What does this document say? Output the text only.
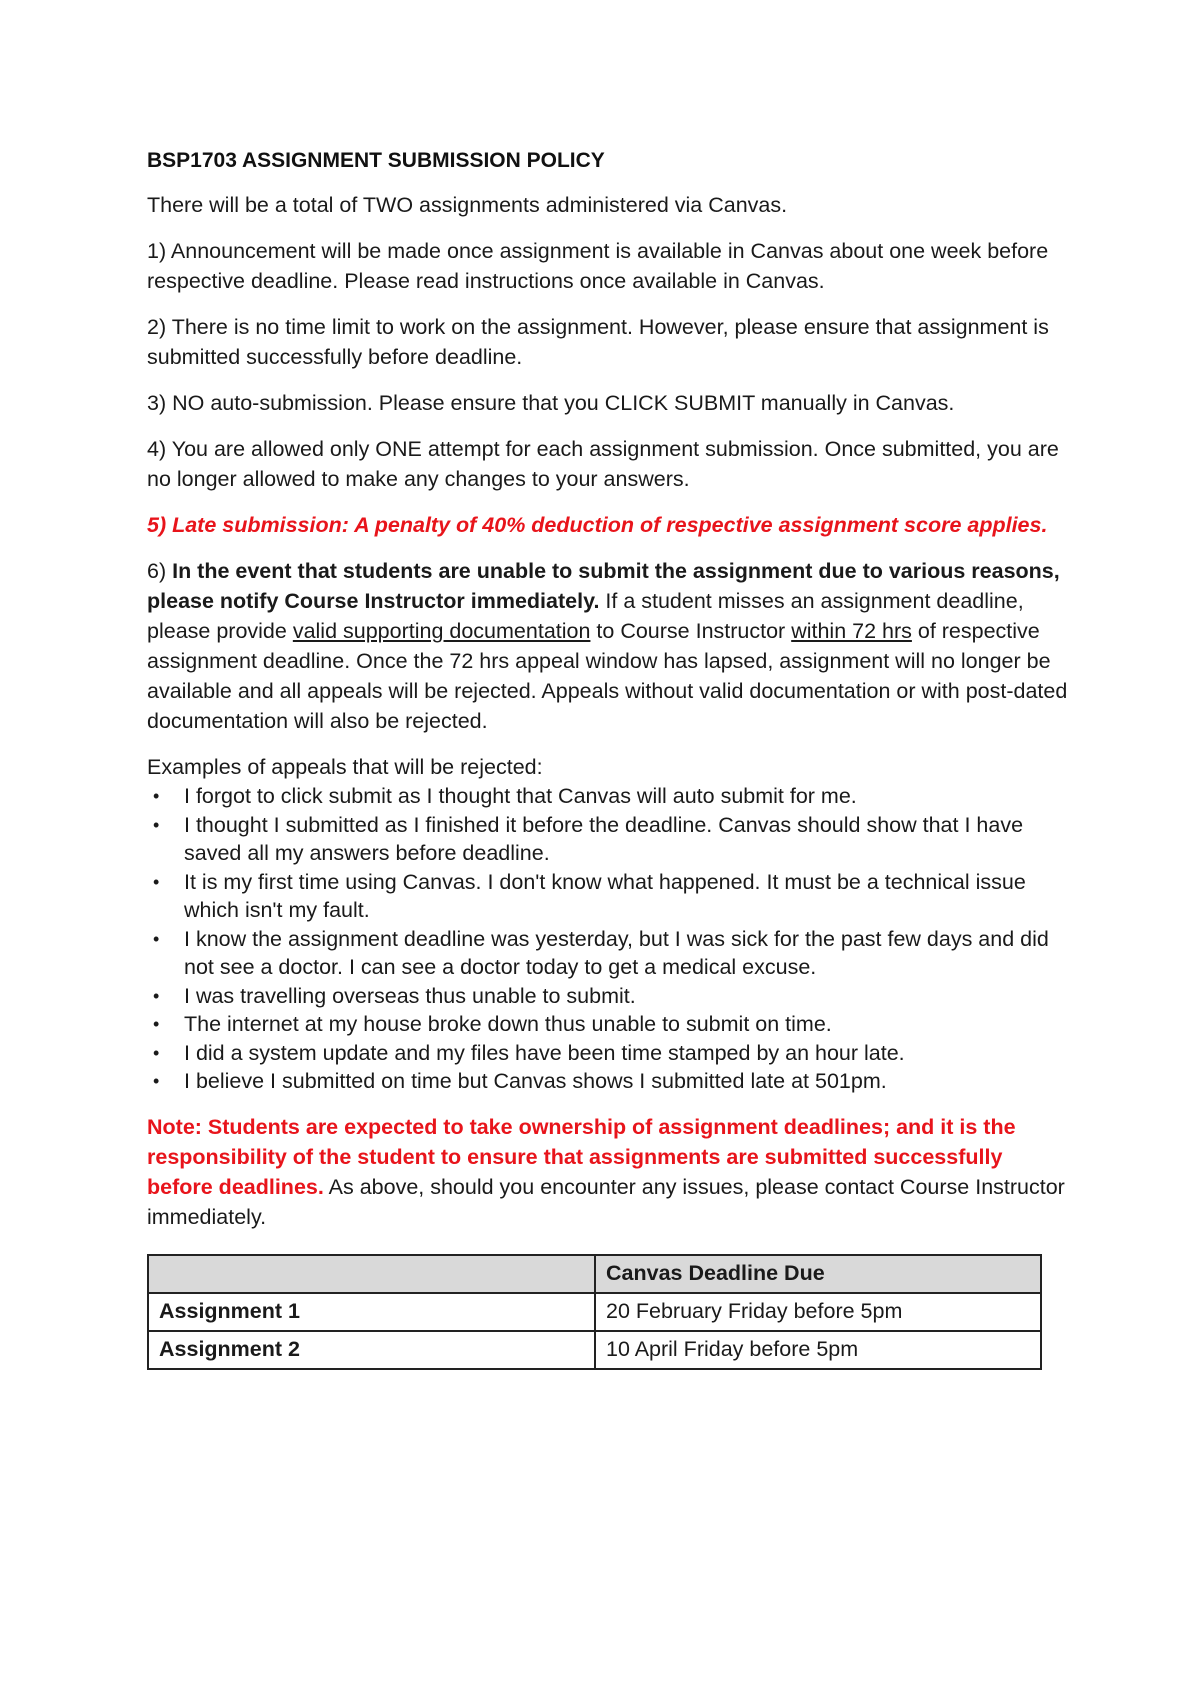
BSP1703 ASSIGNMENT SUBMISSION POLICY

There will be a total of TWO assignments administered via Canvas.

1) Announcement will be made once assignment is available in Canvas about one week before respective deadline. Please read instructions once available in Canvas.

2) There is no time limit to work on the assignment. However, please ensure that assignment is submitted successfully before deadline.

3) NO auto-submission. Please ensure that you CLICK SUBMIT manually in Canvas.

4) You are allowed only ONE attempt for each assignment submission. Once submitted, you are no longer allowed to make any changes to your answers.

5) Late submission: A penalty of 40% deduction of respective assignment score applies.

6) In the event that students are unable to submit the assignment due to various reasons, please notify Course Instructor immediately. If a student misses an assignment deadline, please provide valid supporting documentation to Course Instructor within 72 hrs of respective assignment deadline. Once the 72 hrs appeal window has lapsed, assignment will no longer be available and all appeals will be rejected. Appeals without valid documentation or with post-dated documentation will also be rejected.

Examples of appeals that will be rejected:
• I forgot to click submit as I thought that Canvas will auto submit for me.
• I thought I submitted as I finished it before the deadline. Canvas should show that I have saved all my answers before deadline.
• It is my first time using Canvas. I don't know what happened. It must be a technical issue which isn't my fault.
• I know the assignment deadline was yesterday, but I was sick for the past few days and did not see a doctor. I can see a doctor today to get a medical excuse.
• I was travelling overseas thus unable to submit.
• The internet at my house broke down thus unable to submit on time.
• I did a system update and my files have been time stamped by an hour late.
• I believe I submitted on time but Canvas shows I submitted late at 501pm.

Note: Students are expected to take ownership of assignment deadlines; and it is the responsibility of the student to ensure that assignments are submitted successfully before deadlines. As above, should you encounter any issues, please contact Course Instructor immediately.

	Canvas Deadline Due
Assignment 1	20 February Friday before 5pm
Assignment 2	10 April Friday before 5pm
